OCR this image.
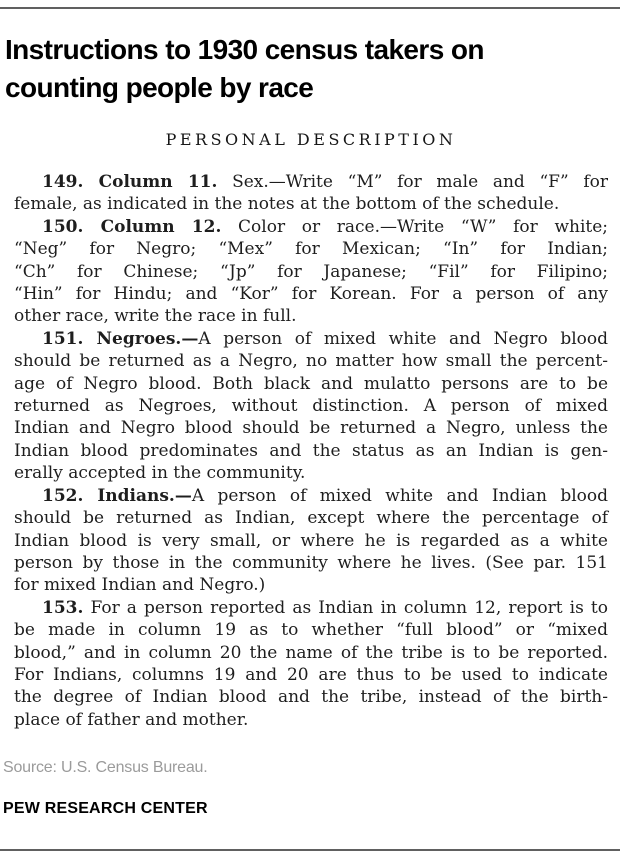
Instructions to 1930 census takers on
counting people by race
PERSONAL DESCRIPTION
149. Column 11. Sex.—Write “M” for male and “F” for
female, as indicated in the notes at the bottom of the schedule.
150. Column 12. Color or race.—Write “W” for white;
“Neg” for Negro; “Mex” for Mexican; “In” for Indian;
“Ch” for Chinese; “Jp” for Japanese; “Fil” for Filipino;
“Hin” for Hindu; and “Kor” for Korean. For a person of any
other race, write the race in full.
151. Negroes.—A person of mixed white and Negro blood
should be returned as a Negro, no matter how small the percent-
age of Negro blood. Both black and mulatto persons are to be
returned as Negroes, without distinction. A person of mixed
Indian and Negro blood should be returned a Negro, unless the
Indian blood predominates and the status as an Indian is gen-
erally accepted in the community.
152. Indians.—A person of mixed white and Indian blood
should be returned as Indian, except where the percentage of
Indian blood is very small, or where he is regarded as a white
person by those in the community where he lives. (See par. 151
for mixed Indian and Negro.)
153. For a person reported as Indian in column 12, report is to
be made in column 19 as to whether “full blood” or “mixed
blood,” and in column 20 the name of the tribe is to be reported.
For Indians, columns 19 and 20 are thus to be used to indicate
the degree of Indian blood and the tribe, instead of the birth-
place of father and mother.
Source: U.S. Census Bureau.
PEW RESEARCH CENTER
